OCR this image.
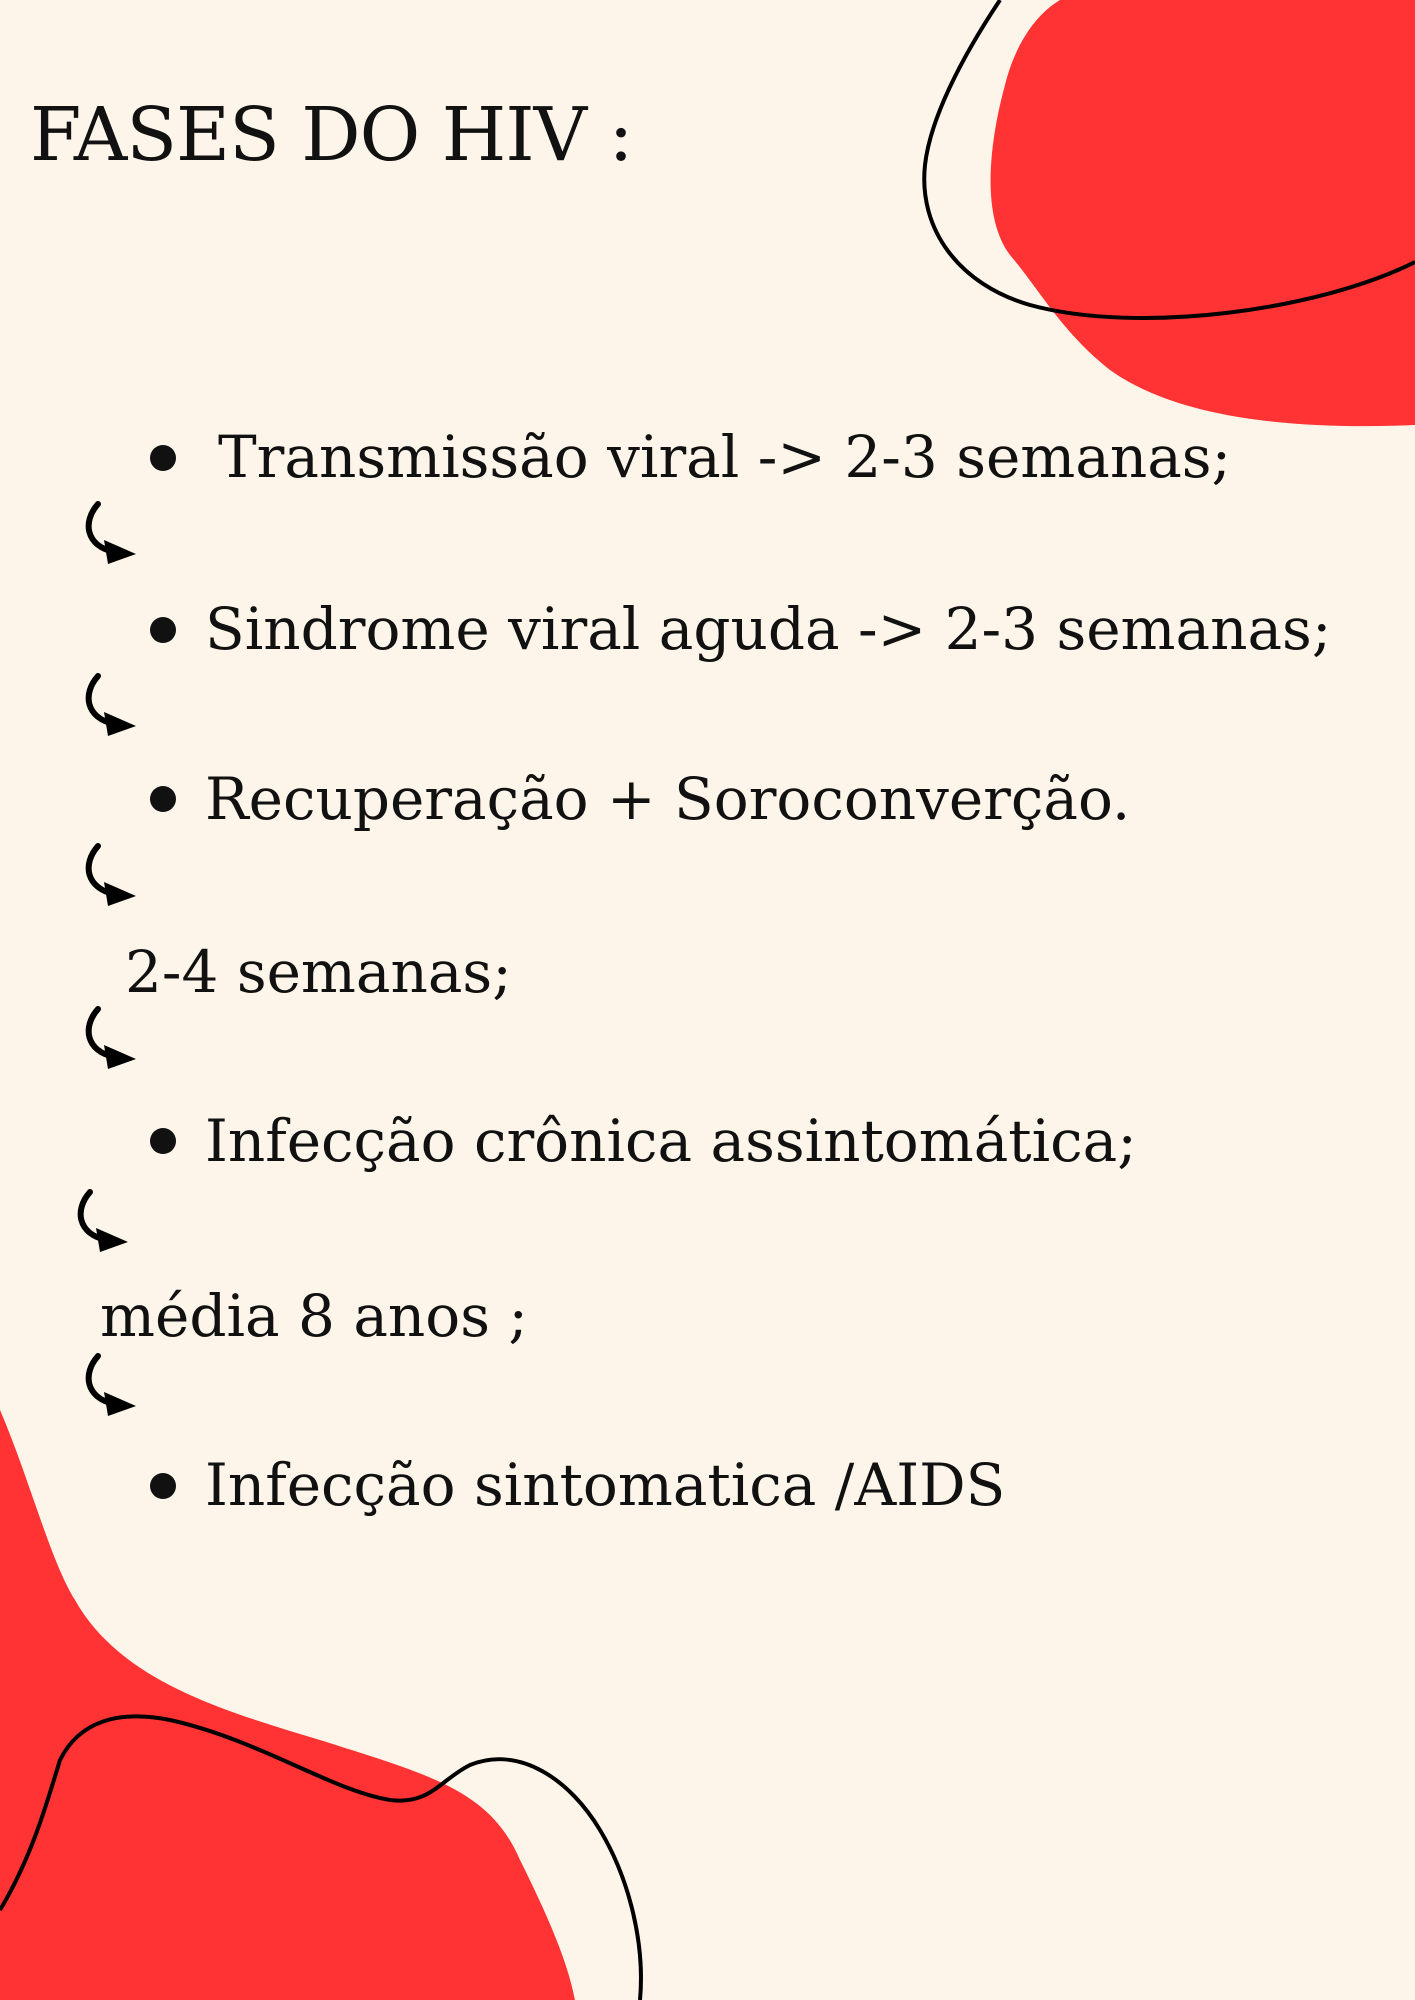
FASES DO HIV :
Transmissão viral -> 2-3 semanas;
Sindrome viral aguda -> 2-3 semanas;
Recuperação + Soroconverção.
2-4 semanas;
Infecção crônica assintomática;
média 8 anos ;
Infecção sintomatica /AIDS
